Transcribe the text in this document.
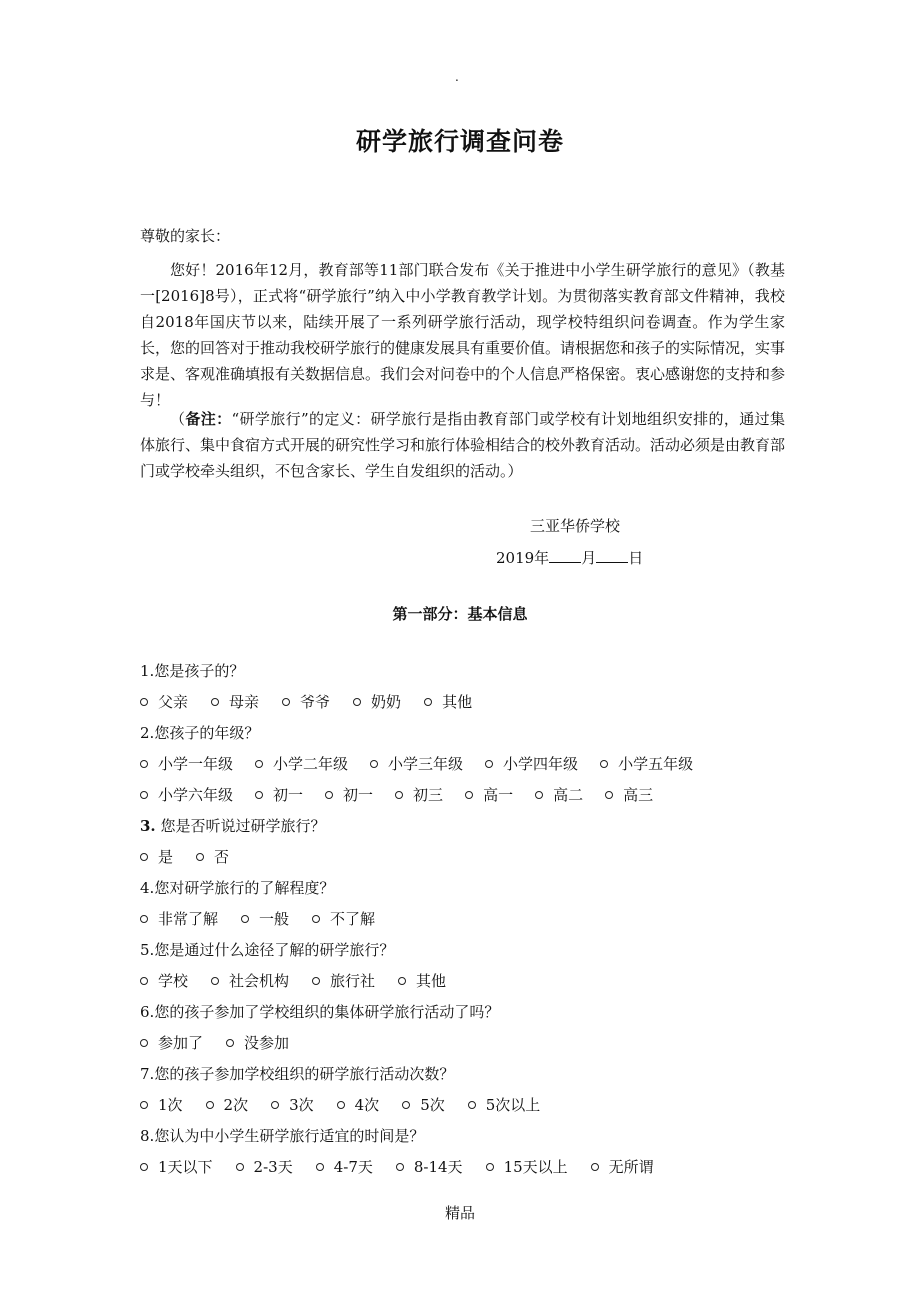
.
研学旅行调查问卷
尊敬的家长：

您好！2016年12月，教育部等11部门联合发布《关于推进中小学生研学旅行的意见》（教基一[2016]8号），正式将“研学旅行”纳入中小学教育教学计划。为贯彻落实教育部文件精神，我校自2018年国庆节以来，陆续开展了一系列研学旅行活动，现学校特组织问卷调查。作为学生家长，您的回答对于推动我校研学旅行的健康发展具有重要价值。请根据您和孩子的实际情况，实事求是、客观准确填报有关数据信息。我们会对问卷中的个人信息严格保密。衷心感谢您的支持和参与！

（备注：“研学旅行”的定义：研学旅行是指由教育部门或学校有计划地组织安排的，通过集体旅行、集中食宿方式开展的研究性学习和旅行体验相结合的校外教育活动。活动必须是由教育部门或学校牵头组织，不包含家长、学生自发组织的活动。）

三亚华侨学校
2019年 月 日
第一部分：基本信息
1.您是孩子的？
父亲	母亲	爷爷	奶奶	其他
2.您孩子的年级？
小学一年级	小学二年级	小学三年级	小学四年级	小学五年级
小学六年级	初一	初一	初三	高一	高二	高三
3. 您是否听说过研学旅行？
是	否
4.您对研学旅行的了解程度？
非常了解	一般	不了解
5.您是通过什么途径了解的研学旅行？
学校	社会机构	旅行社	其他
6.您的孩子参加了学校组织的集体研学旅行活动了吗？
参加了	没参加
7.您的孩子参加学校组织的研学旅行活动次数？
1次	2次	3次	4次	5次	5次以上
8.您认为中小学生研学旅行适宜的时间是？
1天以下	2-3天	4-7天	8-14天	15天以上	无所谓
精品
